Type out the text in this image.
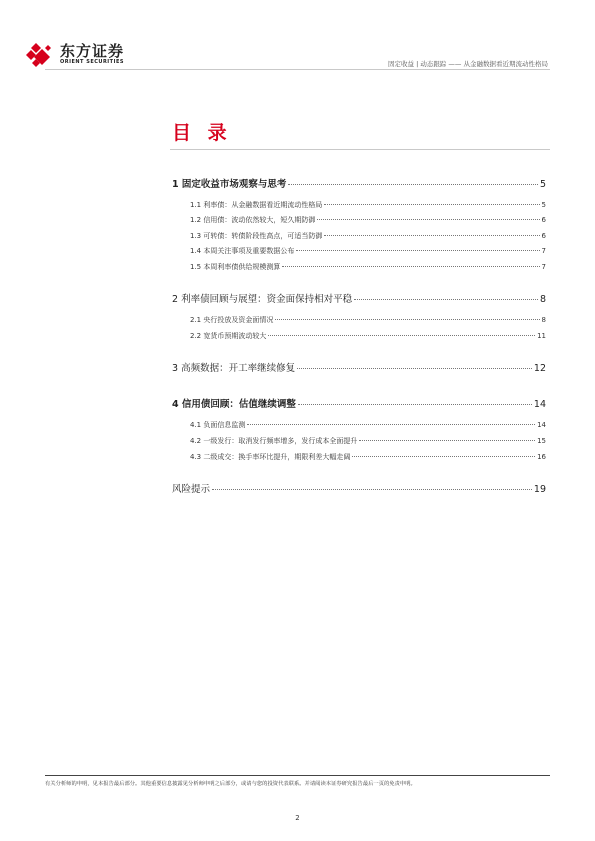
东方证券
ORIENT SECURITIES	固定收益 | 动态跟踪 —— 从金融数据看近期流动性格局
目 录
1 固定收益市场观察与思考	5
1.1 利率债：从金融数据看近期流动性格局	5
1.2 信用债：波动依然较大，短久期防御	6
1.3 可转债：转债阶段性高点，可适当防御	6
1.4 本周关注事项及重要数据公布	7
1.5 本周利率债供给规模测算	7
2 利率债回顾与展望：资金面保持相对平稳	8
2.1 央行投放及资金面情况	8
2.2 宽货币预期波动较大	11
3 高频数据：开工率继续修复	12
4 信用债回顾：估值继续调整	14
4.1 负面信息监测	14
4.2 一级发行：取消发行频率增多，发行成本全面提升	15
4.3 二级成交：换手率环比提升，期限利差大幅走阔	16
风险提示	19
有关分析师的申明，见本报告最后部分。其他重要信息披露见分析师申明之后部分，或请与您的投资代表联系。并请阅读本证券研究报告最后一页的免责申明。
2
